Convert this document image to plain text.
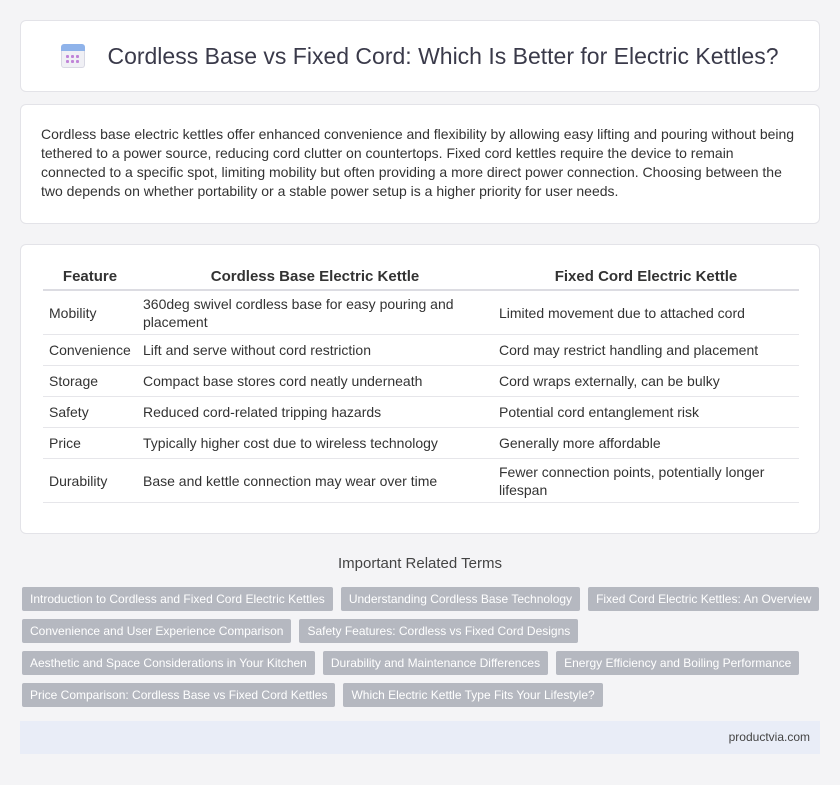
Cordless Base vs Fixed Cord: Which Is Better for Electric Kettles?

Cordless base electric kettles offer enhanced convenience and flexibility by allowing easy lifting and pouring without being tethered to a power source, reducing cord clutter on countertops. Fixed cord kettles require the device to remain connected to a specific spot, limiting mobility but often providing a more direct power connection. Choosing between the two depends on whether portability or a stable power setup is a higher priority for user needs.

Feature	Cordless Base Electric Kettle	Fixed Cord Electric Kettle
Mobility	360deg swivel cordless base for easy pouring and placement	Limited movement due to attached cord
Convenience	Lift and serve without cord restriction	Cord may restrict handling and placement
Storage	Compact base stores cord neatly underneath	Cord wraps externally, can be bulky
Safety	Reduced cord-related tripping hazards	Potential cord entanglement risk
Price	Typically higher cost due to wireless technology	Generally more affordable
Durability	Base and kettle connection may wear over time	Fewer connection points, potentially longer lifespan
Important Related Terms
Introduction to Cordless and Fixed Cord Electric Kettles	Understanding Cordless Base Technology	Fixed Cord Electric Kettles: An Overview
Convenience and User Experience Comparison	Safety Features: Cordless vs Fixed Cord Designs
Aesthetic and Space Considerations in Your Kitchen	Durability and Maintenance Differences	Energy Efficiency and Boiling Performance
Price Comparison: Cordless Base vs Fixed Cord Kettles	Which Electric Kettle Type Fits Your Lifestyle?
productvia.com
